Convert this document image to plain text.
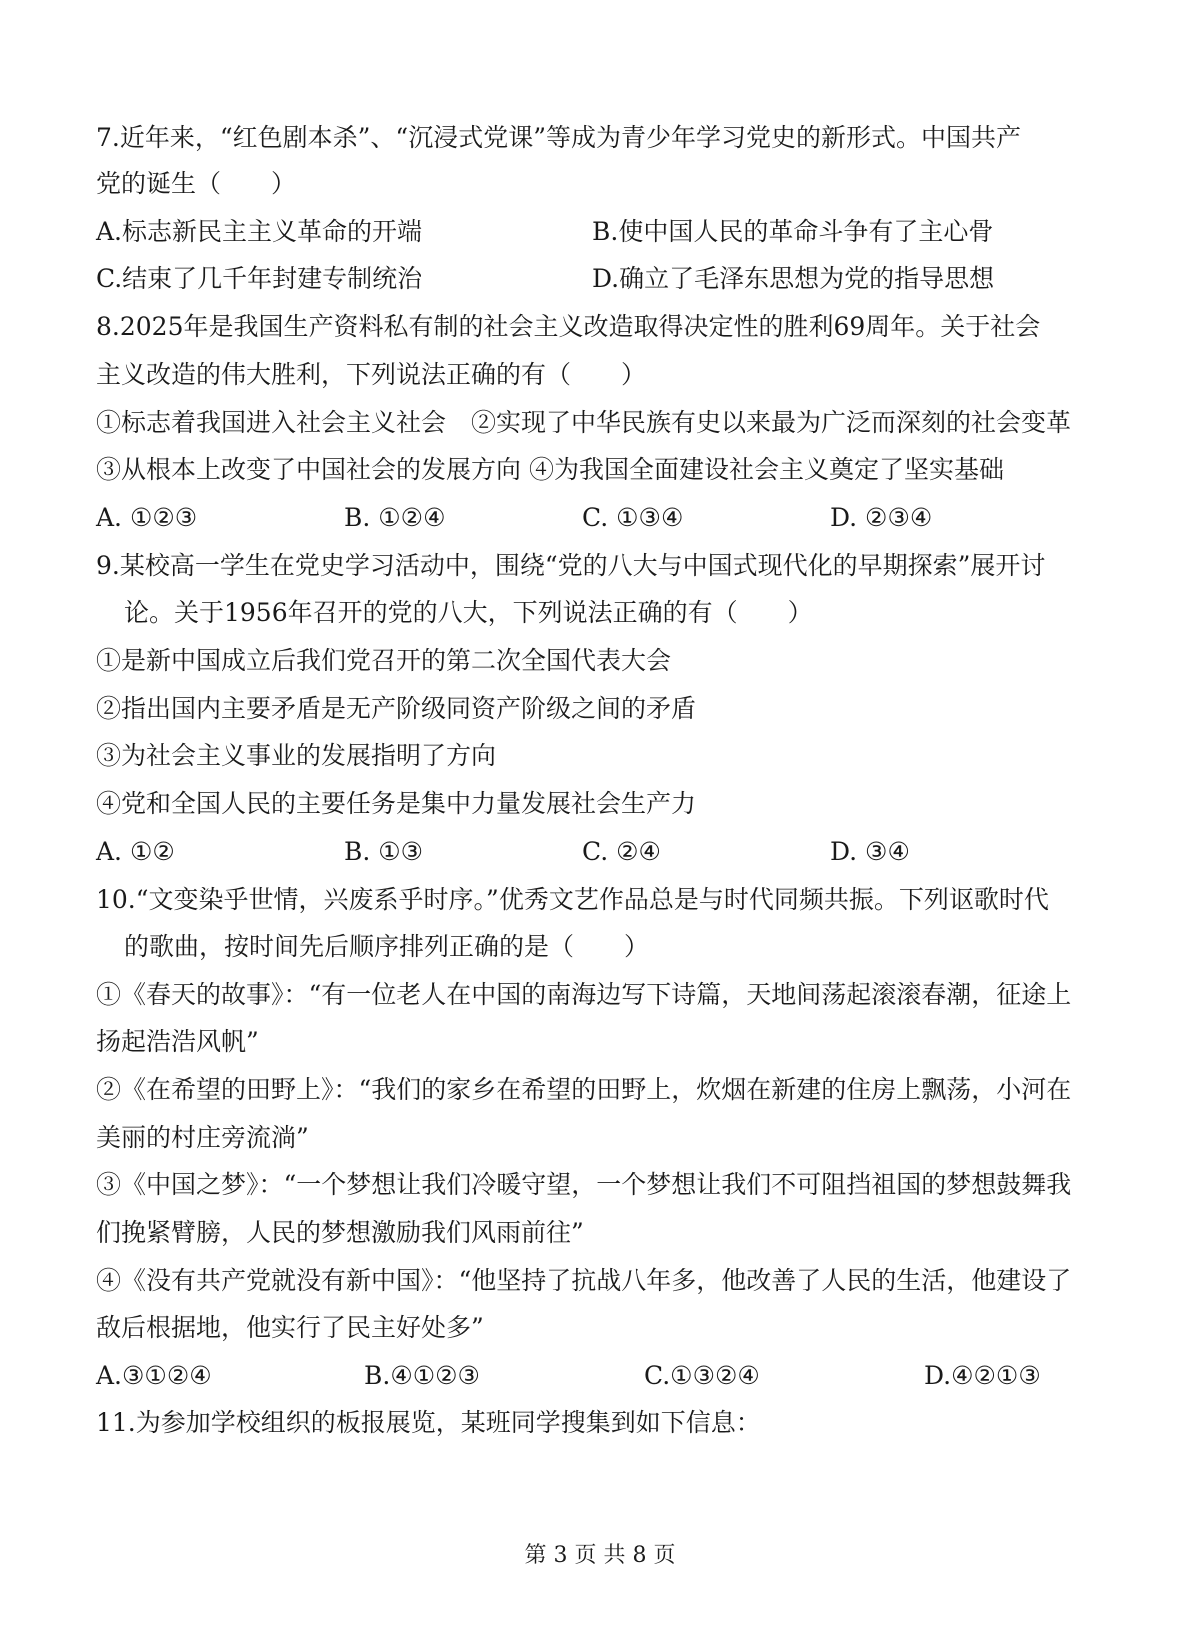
7.近年来，“红色剧本杀”、“沉浸式党课”等成为青少年学习党史的新形式。中国共产
党的诞生（　　）
A.标志新民主主义革命的开端	B.使中国人民的革命斗争有了主心骨
C.结束了几千年封建专制统治	D.确立了毛泽东思想为党的指导思想
8.2025年是我国生产资料私有制的社会主义改造取得决定性的胜利69周年。关于社会
主义改造的伟大胜利，下列说法正确的有（　　）
①标志着我国进入社会主义社会　②实现了中华民族有史以来最为广泛而深刻的社会变革
③从根本上改变了中国社会的发展方向 ④为我国全面建设社会主义奠定了坚实基础
A. ①②③	B. ①②④	C. ①③④	D. ②③④
9.某校高一学生在党史学习活动中，围绕“党的八大与中国式现代化的早期探索”展开讨
论。关于1956年召开的党的八大，下列说法正确的有（　　）
①是新中国成立后我们党召开的第二次全国代表大会
②指出国内主要矛盾是无产阶级同资产阶级之间的矛盾
③为社会主义事业的发展指明了方向
④党和全国人民的主要任务是集中力量发展社会生产力
A. ①②	B. ①③	C. ②④	D. ③④
10.“文变染乎世情，兴废系乎时序。”优秀文艺作品总是与时代同频共振。下列讴歌时代
的歌曲，按时间先后顺序排列正确的是（　　）
①《春天的故事》：“有一位老人在中国的南海边写下诗篇，天地间荡起滚滚春潮，征途上
扬起浩浩风帆”
②《在希望的田野上》：“我们的家乡在希望的田野上，炊烟在新建的住房上飘荡，小河在
美丽的村庄旁流淌”
③《中国之梦》：“一个梦想让我们冷暖守望，一个梦想让我们不可阻挡祖国的梦想鼓舞我
们挽紧臂膀，人民的梦想激励我们风雨前往”
④《没有共产党就没有新中国》：“他坚持了抗战八年多，他改善了人民的生活，他建设了
敌后根据地，他实行了民主好处多”
A.③①②④	B.④①②③	C.①③②④	D.④②①③
11.为参加学校组织的板报展览，某班同学搜集到如下信息：
第 3 页 共 8 页
